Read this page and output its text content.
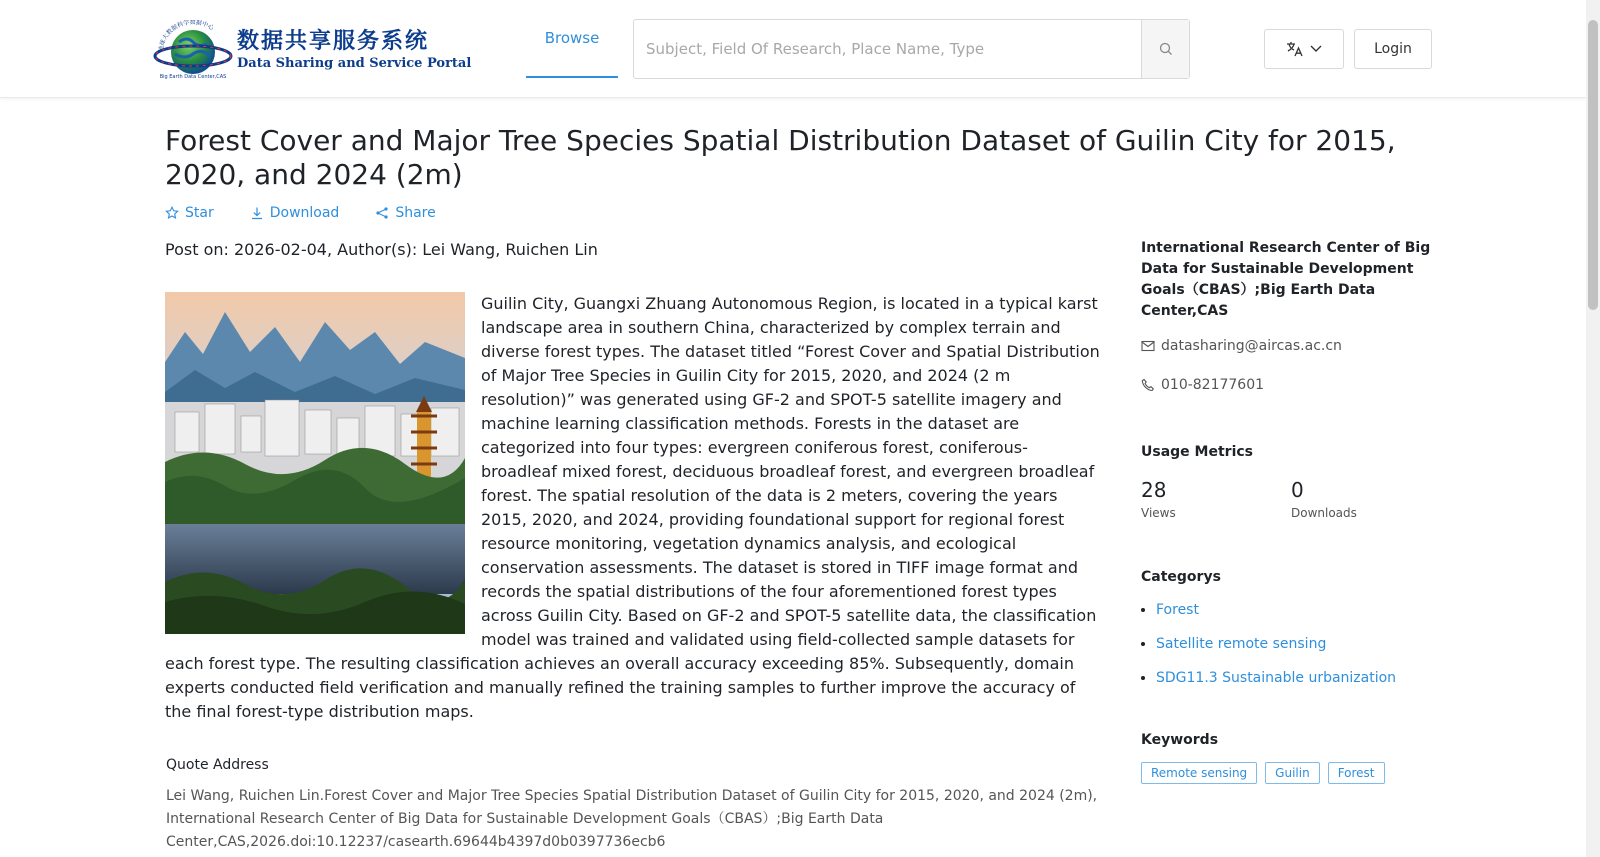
地球大数据科学数据中心
Big Earth Data Center,CAS
数据共享服务系统
Data Sharing and Service Portal
Browse
Subject, Field Of Research, Place Name, Type
Login
Forest Cover and Major Tree Species Spatial Distribution Dataset of Guilin City for 2015, 2020, and 2024 (2m)
Star	Download	Share
Post on: 2026-02-04, Author(s): Lei Wang, Ruichen Lin

Guilin City, Guangxi Zhuang Autonomous Region, is located in a typical karst landscape area in southern China, characterized by complex terrain and diverse forest types. The dataset titled “Forest Cover and Spatial Distribution of Major Tree Species in Guilin City for 2015, 2020, and 2024 (2 m resolution)” was generated using GF-2 and SPOT-5 satellite imagery and machine learning classification methods. Forests in the dataset are categorized into four types: evergreen coniferous forest, coniferous-broadleaf mixed forest, deciduous broadleaf forest, and evergreen broadleaf forest. The spatial resolution of the data is 2 meters, covering the years 2015, 2020, and 2024, providing foundational support for regional forest resource monitoring, vegetation dynamics analysis, and ecological conservation assessments. The dataset is stored in TIFF image format and records the spatial distributions of the four aforementioned forest types across Guilin City. Based on GF-2 and SPOT-5 satellite data, the classification model was trained and validated using field-collected sample datasets for each forest type. The resulting classification achieves an overall accuracy exceeding 85%. Subsequently, domain experts conducted field verification and manually refined the training samples to further improve the accuracy of the final forest-type distribution maps.

Quote Address
Lei Wang, Ruichen Lin.Forest Cover and Major Tree Species Spatial Distribution Dataset of Guilin City for 2015, 2020, and 2024 (2m), International Research Center of Big Data for Sustainable Development Goals（CBAS）;Big Earth Data Center,CAS,2026.doi:10.12237/casearth.69644b4397d0b0397736ecb6
International Research Center of Big Data for Sustainable Development Goals（CBAS）;Big Earth Data Center,CAS
datasharing@aircas.ac.cn
010-82177601
Usage Metrics
28
Views
0
Downloads
Categorys
Forest
Satellite remote sensing
SDG11.3 Sustainable urbanization
Keywords
Remote sensing	Guilin	Forest
